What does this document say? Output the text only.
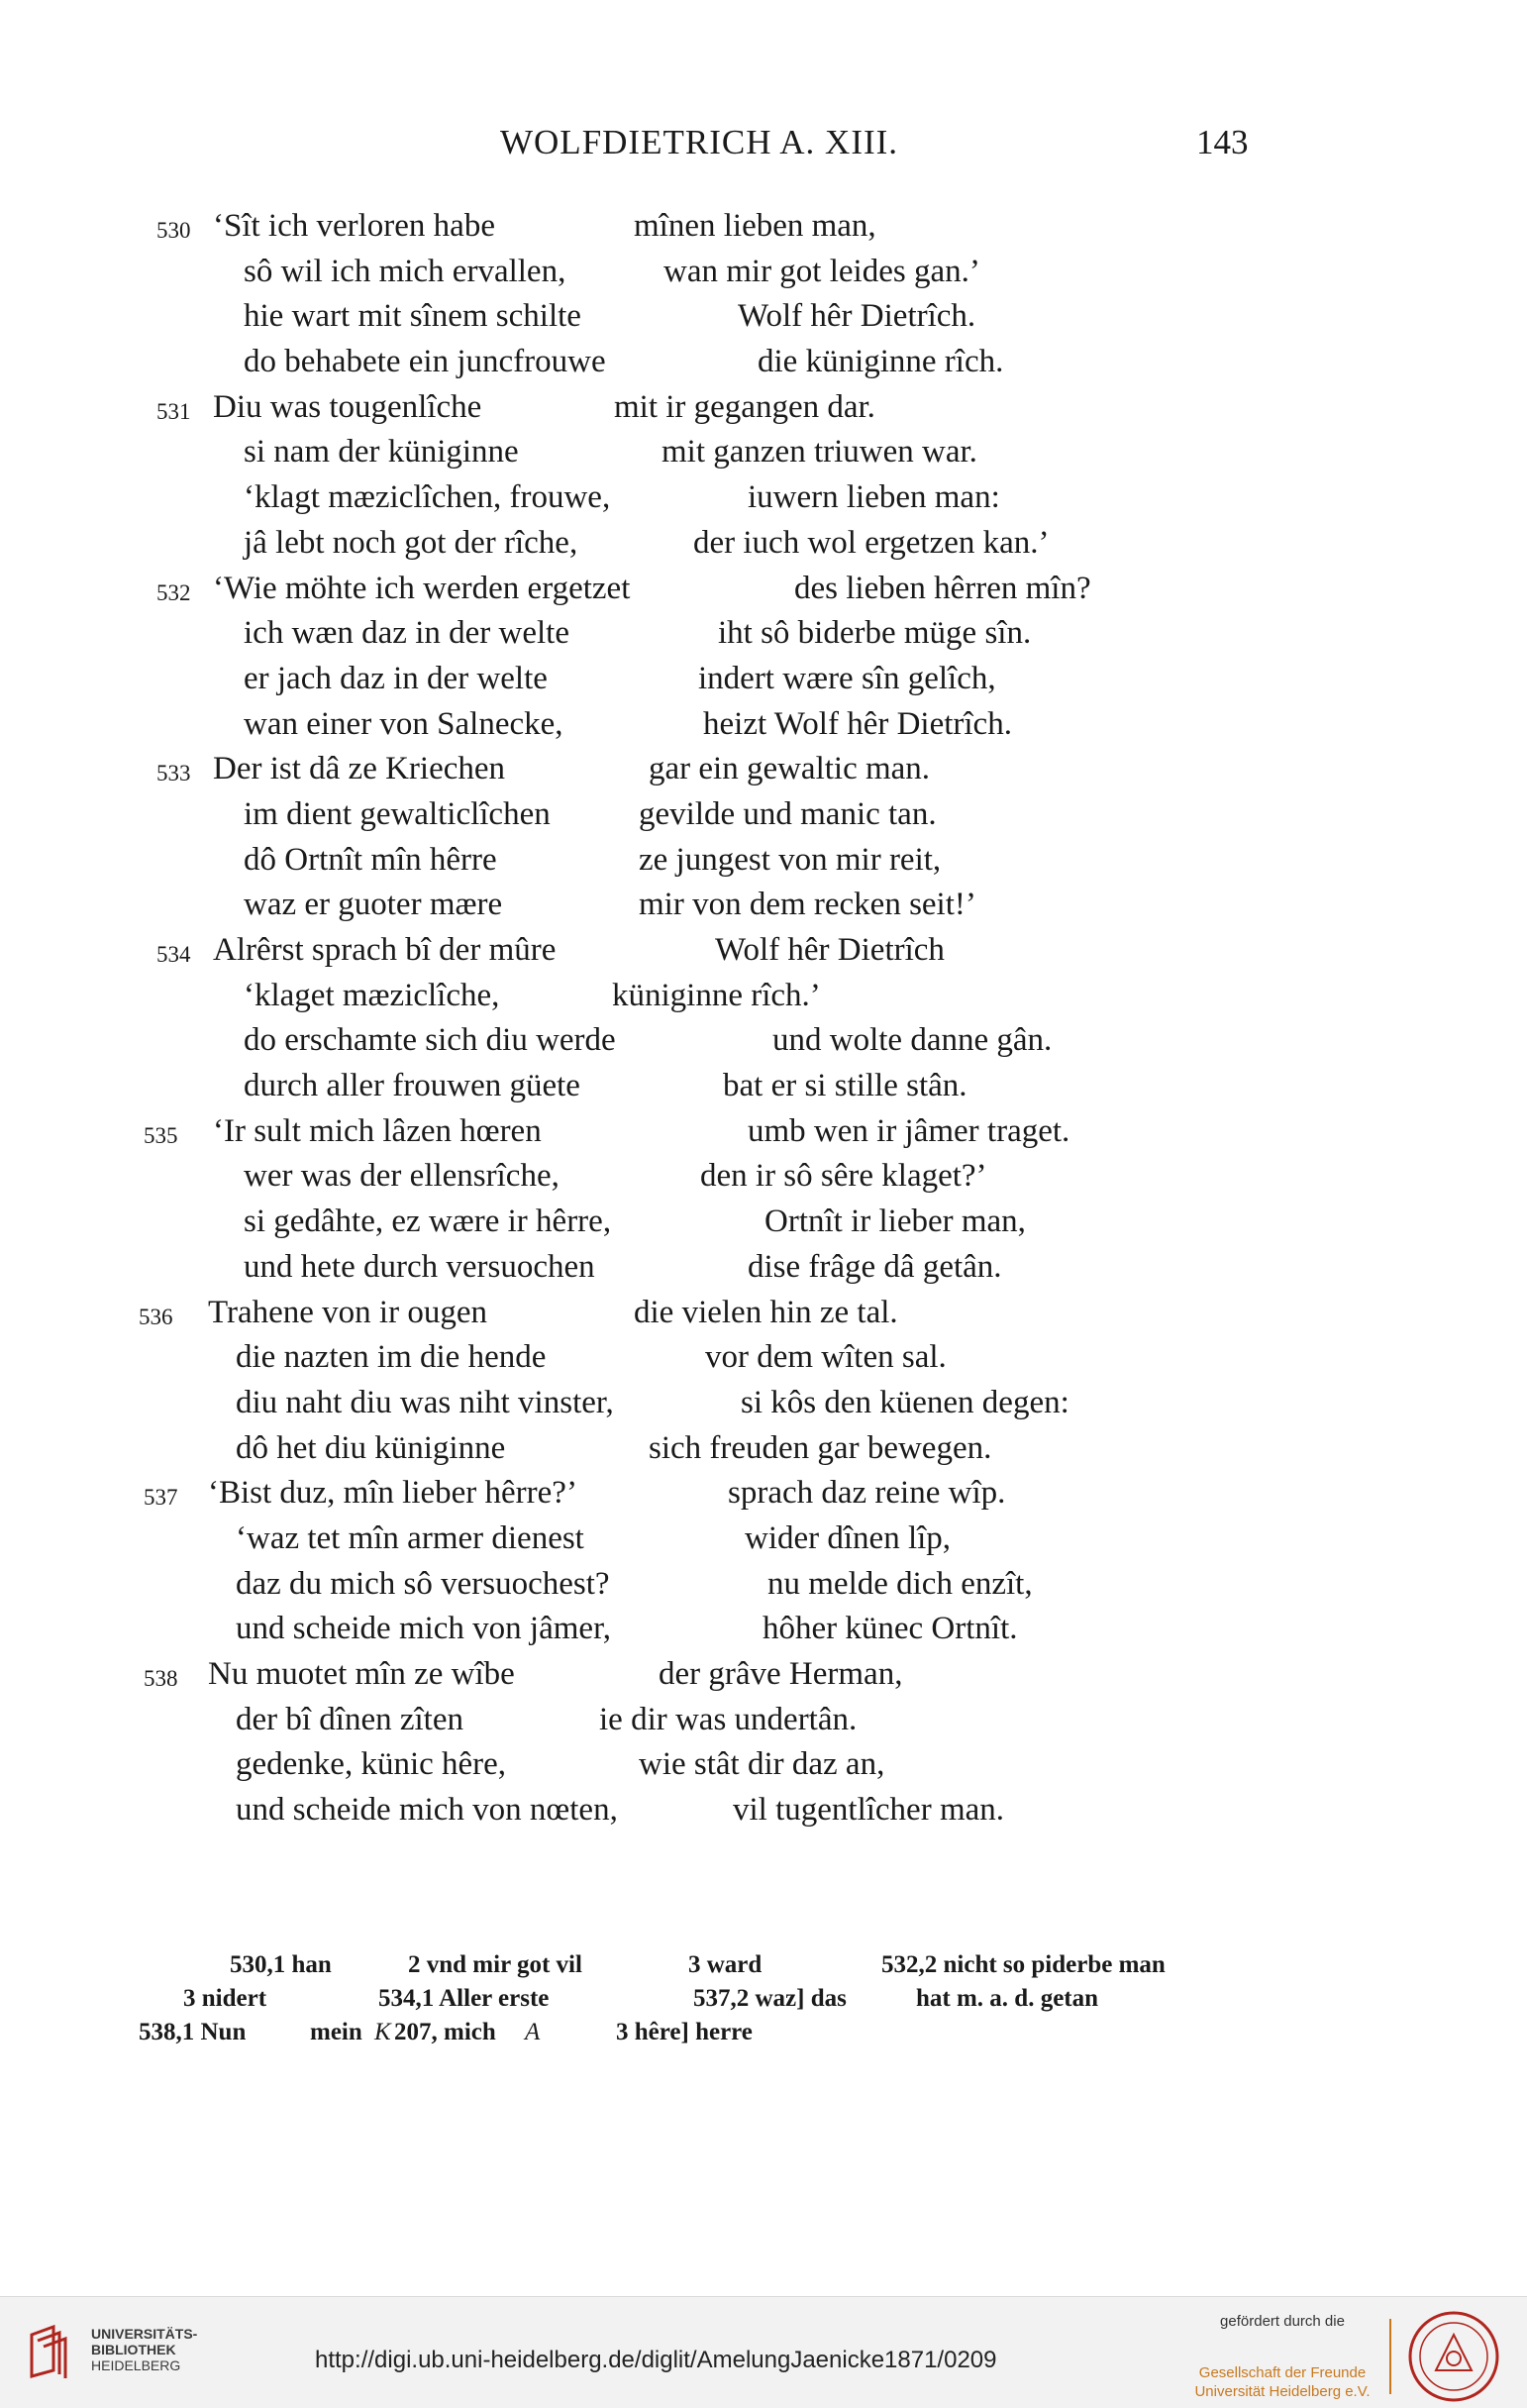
WOLFDIETRICH A. XIII.	143
530 ‘Sît ich verloren habe	mînen lieben man,
sô wil ich mich ervallen,	wan mir got leides gan.’
hie wart mit sînem schilte	Wolf hêr Dietrîch.
do behabete ein juncfrouwe	die küniginne rîch.
531 Diu was tougenlîche	mit ir gegangen dar.
si nam der küniginne	mit ganzen triuwen war.
‘klagt mæziclîchen, frouwe,	iuwern lieben man:
jâ lebt noch got der rîche,	der iuch wol ergetzen kan.’
532 ‘Wie möhte ich werden ergetzet	des lieben hêrren mîn?
ich wæn daz in der welte	iht sô biderbe müge sîn.
er jach daz in der welte	indert wære sîn gelîch,
wan einer von Salnecke,	heizt Wolf hêr Dietrîch.
533 Der ist dâ ze Kriechen	gar ein gewaltic man.
im dient gewalticlîchen	gevilde und manic tan.
dô Ortnît mîn hêrre	ze jungest von mir reit,
waz er guoter mære	mir von dem recken seit!’
534 Alrêrst sprach bî der mûre	Wolf hêr Dietrîch
‘klaget mæziclîche,	küniginne rîch.’
do erschamte sich diu werde	und wolte danne gân.
durch aller frouwen güete	bat er si stille stân.
535 ‘Ir sult mich lâzen hœren	umb wen ir jâmer traget.
wer was der ellensrîche,	den ir sô sêre klaget?’
si gedâhte, ez wære ir hêrre,	Ortnît ir lieber man,
und hete durch versuochen	dise frâge dâ getân.
536 Trahene von ir ougen	die vielen hin ze tal.
die nazten im die hende	vor dem wîten sal.
diu naht diu was niht vinster,	si kôs den küenen degen:
dô het diu küniginne	sich freuden gar bewegen.
537 ‘Bist duz, mîn lieber hêrre?’	sprach daz reine wîp.
‘waz tet mîn armer dienest	wider dînen lîp,
daz du mich sô versuochest?	nu melde dich enzît,
und scheide mich von jâmer,	hôher künec Ortnît.
538 Nu muotet mîn ze wîbe	der grâve Herman,
der bî dînen zîten	ie dir was undertân.
gedenke, künic hêre,	wie stât dir daz an,
und scheide mich von nœten,	vil tugentlîcher man.
530,1 han	2 vnd mir got vil	3 ward	532,2 nicht so piderbe man
3 nidert	534,1 Aller erste	537,2 waz] das	hat m. a. d. getan
538,1 Nun	mein K 207, mich A	3 hêre] herre
UNIVERSITÄTS-
BIBLIOTHEK
HEIDELBERG	http://digi.ub.uni-heidelberg.de/diglit/AmelungJaenicke1871/0209
gefördert durch die
Gesellschaft der Freunde
Universität Heidelberg e.V.
